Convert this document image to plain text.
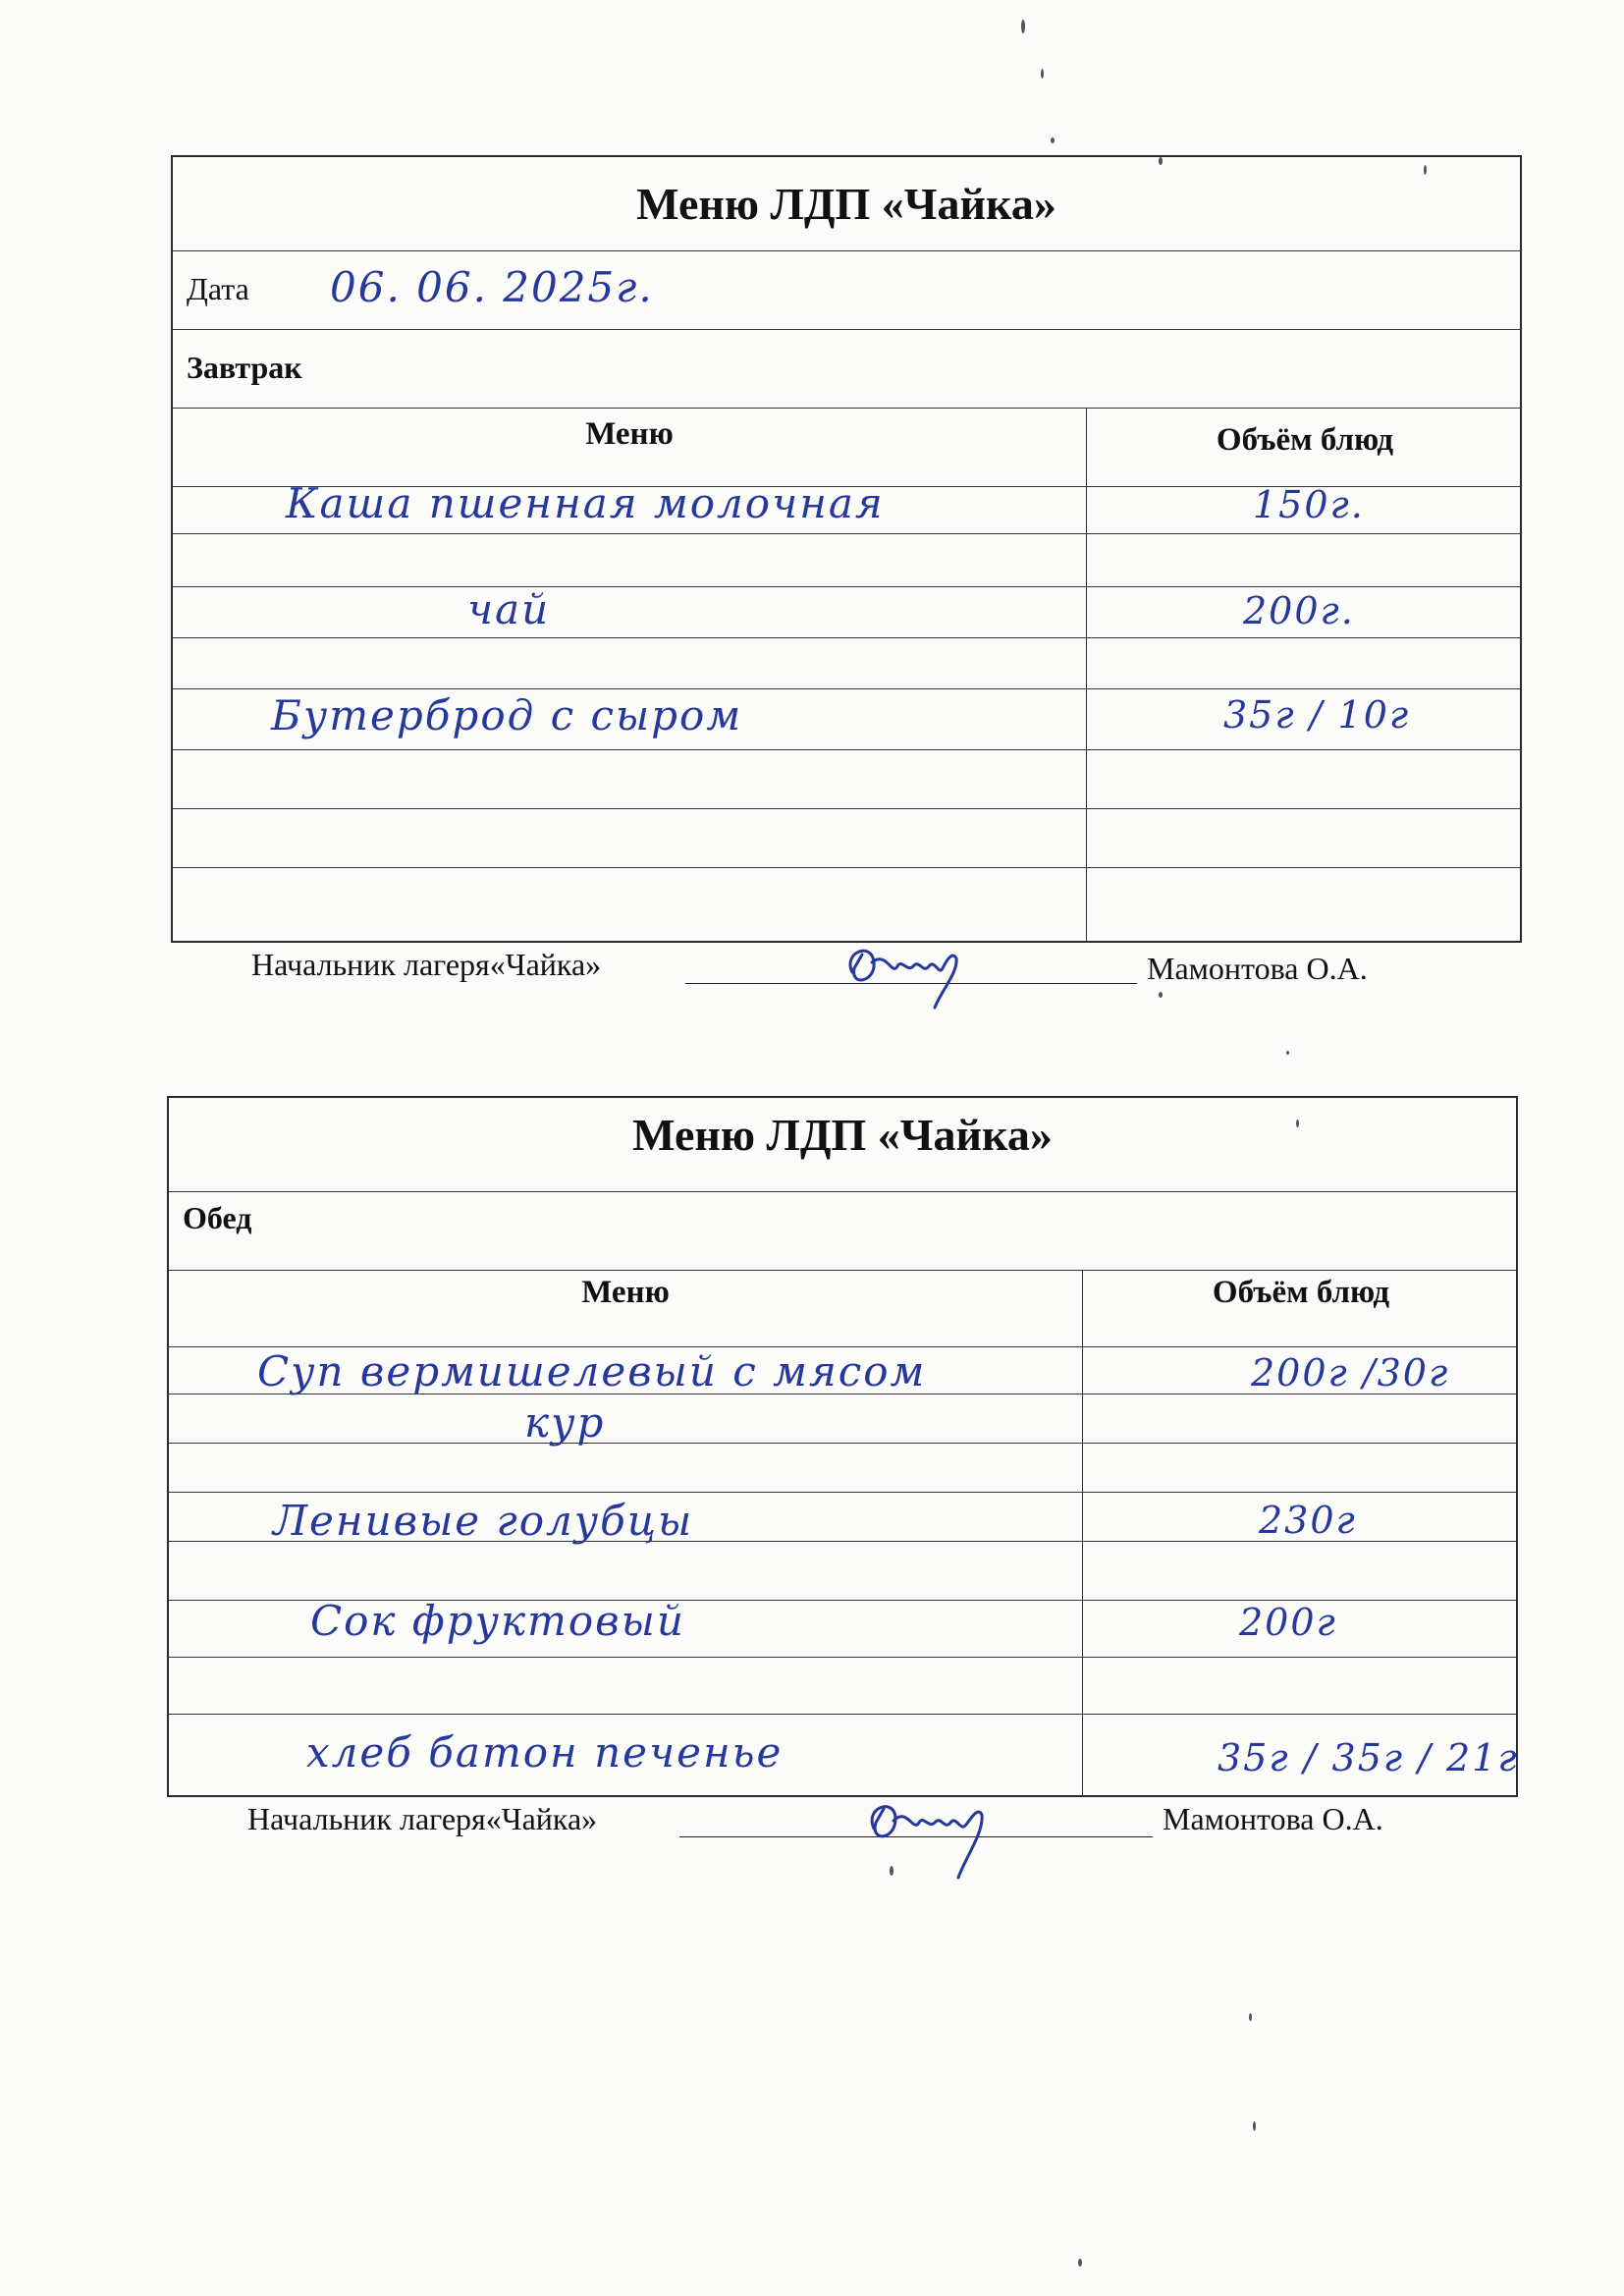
Меню ЛДП «Чайка»
Дата 06. 06. 2025г.
Завтрак
Меню	Объём блюд
Каша пшенная молочная	150г.
чай	200г.
Бутерброд с сыром	35г / 10г
Начальник лагеря«Чайка»	Мамонтова О.А.
Меню ЛДП «Чайка»
Обед
Меню	Объём блюд
Суп вермишелевый с мясом	200г /30г
кур
Ленивые голубцы	230г
Сок фруктовый	200г
хлеб батон печенье	35г / 35г / 21г
Начальник лагеря«Чайка»	Мамонтова О.А.
